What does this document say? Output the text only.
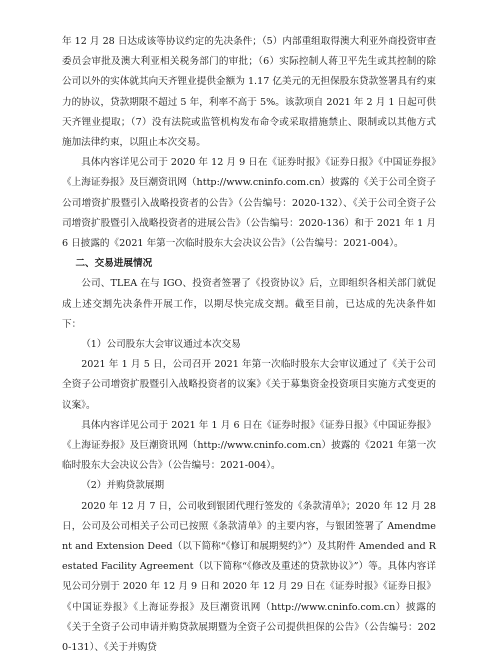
年 12 月 28 日达成该等协议约定的先决条件；（5）内部重组取得澳大利亚外商投资审查委员会审批及澳大利亚相关税务部门的审批；（6）实际控制人蒋卫平先生或其控制的除公司以外的实体就其向天齐锂业提供金额为 1.17 亿美元的无担保股东贷款签署具有约束力的协议，贷款期限不超过 5 年，利率不高于 5%。该款项自 2021 年 2 月 1 日起可供天齐锂业提取；（7）没有法院或监管机构发布命令或采取措施禁止、限制或以其他方式施加法律约束，以阻止本次交易。

具体内容详见公司于 2020 年 12 月 9 日在《证券时报》《证券日报》《中国证券报》《上海证券报》及巨潮资讯网（http://www.cninfo.com.cn）披露的《关于公司全资子公司增资扩股暨引入战略投资者的公告》（公告编号：2020-132）、《关于公司全资子公司增资扩股暨引入战略投资者的进展公告》（公告编号：2020-136）和于 2021 年 1 月 6 日披露的《2021 年第一次临时股东大会决议公告》（公告编号：2021-004）。

二、交易进展情况

公司、TLEA 在与 IGO、投资者签署了《投资协议》后，立即组织各相关部门就促成上述交割先决条件开展工作，以期尽快完成交割。截至目前，已达成的先决条件如下：

（1）公司股东大会审议通过本次交易

2021 年 1 月 5 日，公司召开 2021 年第一次临时股东大会审议通过了《关于公司全资子公司增资扩股暨引入战略投资者的议案》《关于募集资金投资项目实施方式变更的议案》。

具体内容详见公司于 2021 年 1 月 6 日在《证券时报》《证券日报》《中国证券报》《上海证券报》及巨潮资讯网（http://www.cninfo.com.cn）披露的《2021 年第一次临时股东大会决议公告》（公告编号：2021-004）。

（2）并购贷款展期

2020 年 12 月 7 日，公司收到银团代理行签发的《条款清单》；2020 年 12 月 28 日，公司及公司相关子公司已按照《条款清单》的主要内容，与银团签署了 Amendment and Extension Deed（以下简称“《修订和展期契约》”）及其附件 Amended and Restated Facility Agreement（以下简称“《修改及重述的贷款协议》”）等。具体内容详见公司分别于 2020 年 12 月 9 日和 2020 年 12 月 29 日在《证券时报》《证券日报》《中国证券报》《上海证券报》及巨潮资讯网（http://www.cninfo.com.cn）披露的《关于全资子公司申请并购贷款展期暨为全资子公司提供担保的公告》（公告编号：2020-131）、《关于并购贷
